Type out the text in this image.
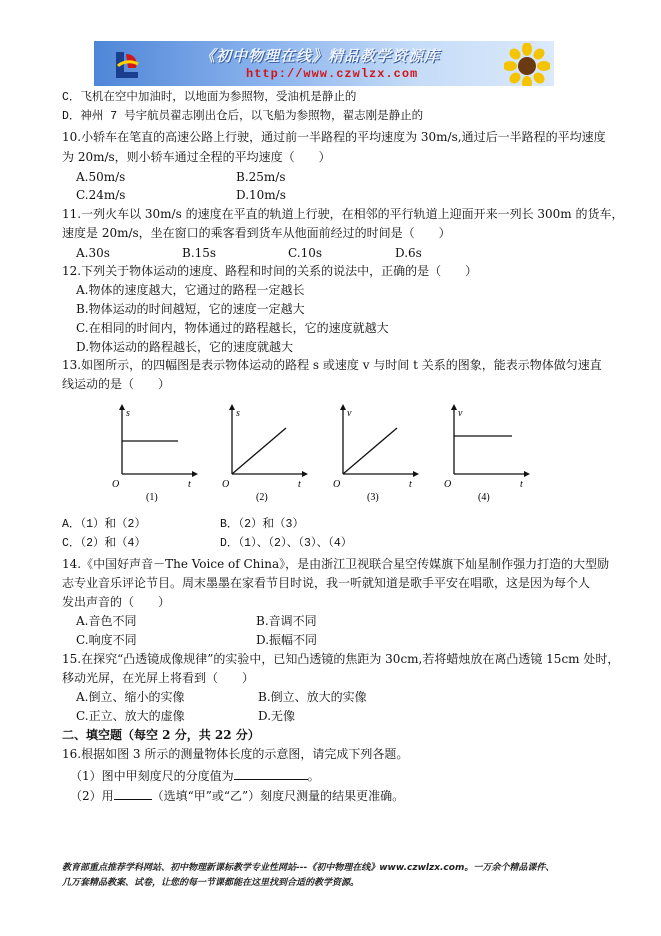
《初中物理在线》精品教学资源库
http://www.czwlzx.com
C．飞机在空中加油时，以地面为参照物，受油机是静止的
D．神州 7 号宇航员翟志刚出仓后，以飞船为参照物，翟志刚是静止的
10.小轿车在笔直的高速公路上行驶，通过前一半路程的平均速度为 30m/s,通过后一半路程的平均速度
为 20m/s，则小轿车通过全程的平均速度（　　）
A.50m/s	B.25m/s
C.24m/s	D.10m/s
11.一列火车以 30m/s 的速度在平直的轨道上行驶，在相邻的平行轨道上迎面开来一列长 300m 的货车，
速度是 20m/s，坐在窗口的乘客看到货车从他面前经过的时间是（　　）
A.30s	B.15s	C.10s	D.6s
12.下列关于物体运动的速度、路程和时间的关系的说法中，正确的是（　　）
A.物体的速度越大，它通过的路程一定越长
B.物体运动的时间越短，它的速度一定越大
C.在相同的时间内，物体通过的路程越长，它的速度就越大
D.物体运动的路程越长，它的速度就越大
13.如图所示，的四幅图是表示物体运动的路程 s 或速度 v 与时间 t 关系的图象，能表示物体做匀速直
线运动的是（　　）
s
t
O
(1)
s
t
O
(2)
v
t
O
(3)
v
t
O
(4)
A．（1）和（2）	B．（2）和（3）
C．（2）和（4）	D．（1）、（2）、（3）、（4）
14.《中国好声音－The Voice of China》，是由浙江卫视联合星空传媒旗下灿星制作强力打造的大型励
志专业音乐评论节目。周末墨墨在家看节目时说，我一听就知道是歌手平安在唱歌，这是因为每个人
发出声音的（　　）
A.音色不同	B.音调不同
C.响度不同	D.振幅不同
15.在探究“凸透镜成像规律”的实验中，已知凸透镜的焦距为 30cm,若将蜡烛放在离凸透镜 15cm 处时，
移动光屏，在光屏上将看到（　　）
A.倒立、缩小的实像	B.倒立、放大的实像
C.正立、放大的虚像	D.无像
二、填空题（每空 2 分，共 22 分）
16.根据如图 3 所示的测量物体长度的示意图，请完成下列各题。
（1）图中甲刻度尺的分度值为	。
（2）用	（选填“甲”或“乙”）刻度尺测量的结果更准确。
教育部重点推荐学科网站、初中物理新课标教学专业性网站---《初中物理在线》www.czwlzx.com。一万余个精品课件、
几万套精品教案、试卷，让您的每一节课都能在这里找到合适的教学资源。
